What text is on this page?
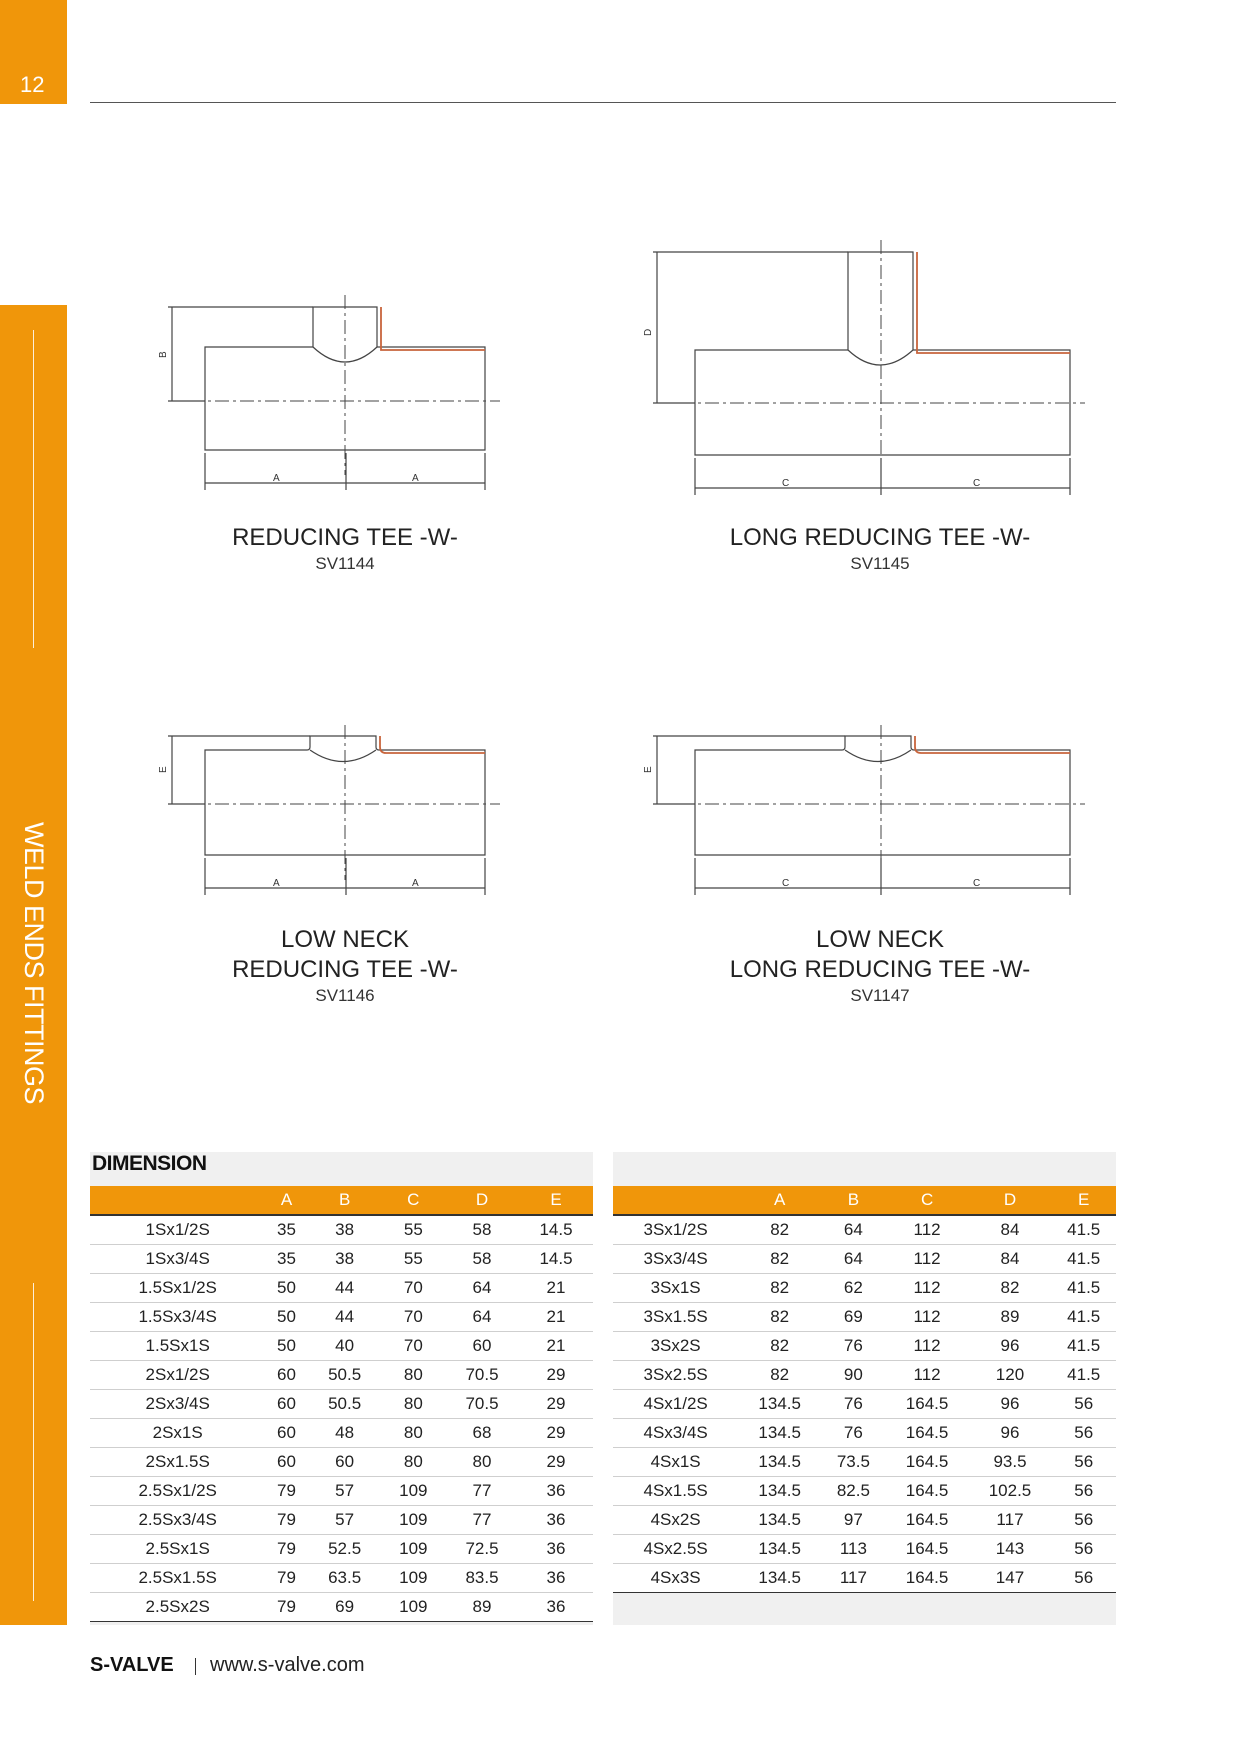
12
WELD ENDS FITTINGS
B
A	A
REDUCING TEE -W-
SV1144
D
C	C
LONG REDUCING TEE -W-
SV1145
E
A	A
LOW NECK
REDUCING TEE -W-
SV1146
E
C	C
LOW NECK
LONG REDUCING TEE -W-
SV1147
DIMENSION
	A	B	C	D	E
1Sx1/2S	35	38	55	58	14.5
1Sx3/4S	35	38	55	58	14.5
1.5Sx1/2S	50	44	70	64	21
1.5Sx3/4S	50	44	70	64	21
1.5Sx1S	50	40	70	60	21
2Sx1/2S	60	50.5	80	70.5	29
2Sx3/4S	60	50.5	80	70.5	29
2Sx1S	60	48	80	68	29
2Sx1.5S	60	60	80	80	29
2.5Sx1/2S	79	57	109	77	36
2.5Sx3/4S	79	57	109	77	36
2.5Sx1S	79	52.5	109	72.5	36
2.5Sx1.5S	79	63.5	109	83.5	36
2.5Sx2S	79	69	109	89	36
	A	B	C	D	E
3Sx1/2S	82	64	112	84	41.5
3Sx3/4S	82	64	112	84	41.5
3Sx1S	82	62	112	82	41.5
3Sx1.5S	82	69	112	89	41.5
3Sx2S	82	76	112	96	41.5
3Sx2.5S	82	90	112	120	41.5
4Sx1/2S	134.5	76	164.5	96	56
4Sx3/4S	134.5	76	164.5	96	56
4Sx1S	134.5	73.5	164.5	93.5	56
4Sx1.5S	134.5	82.5	164.5	102.5	56
4Sx2S	134.5	97	164.5	117	56
4Sx2.5S	134.5	113	164.5	143	56
4Sx3S	134.5	117	164.5	147	56
S-VALVE www.s-valve.com
